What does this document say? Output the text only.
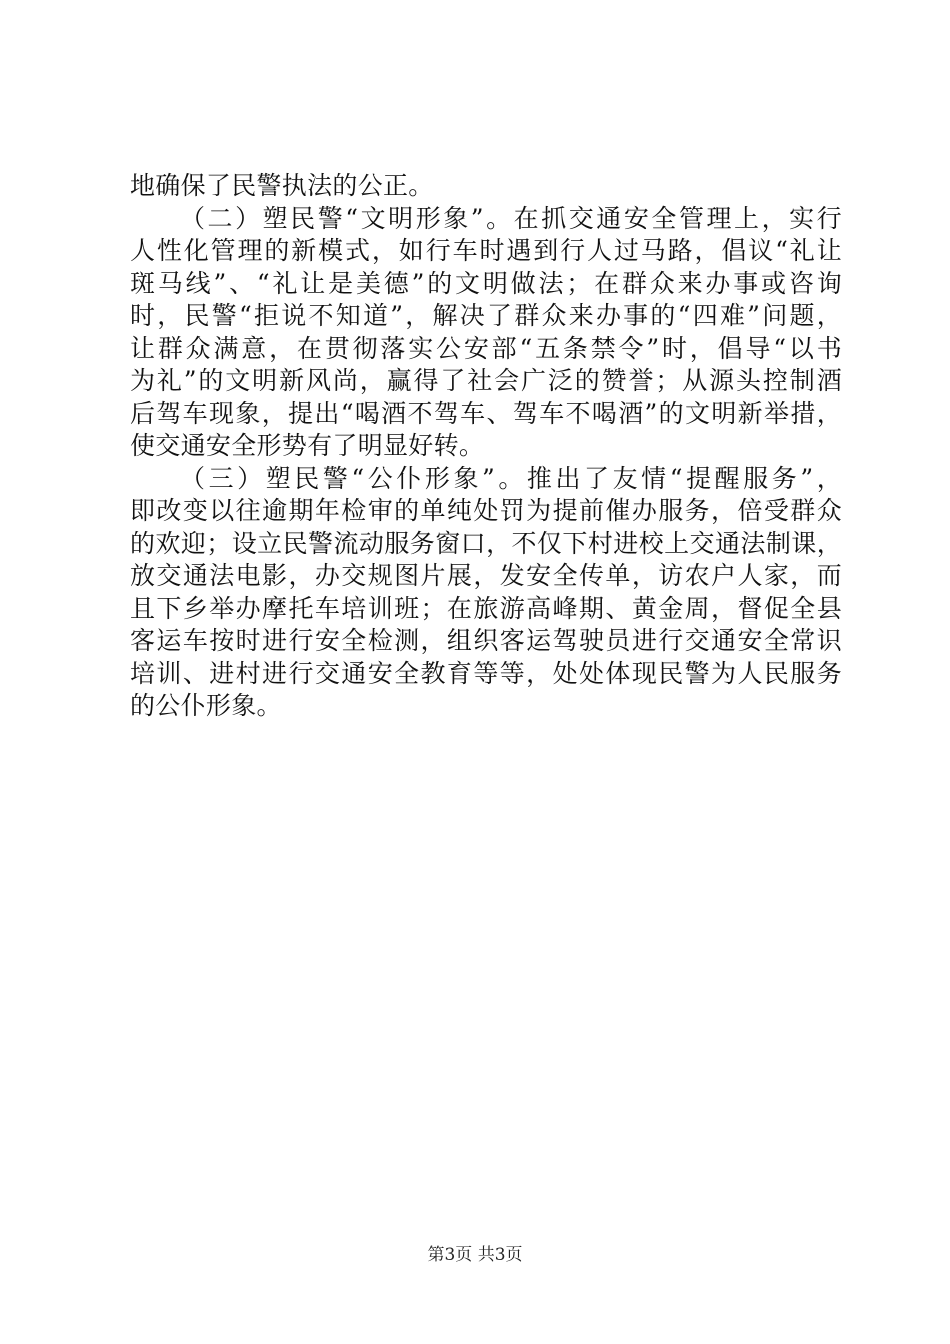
地确保了民警执法的公正。
（二）塑民警“文明形象”。在抓交通安全管理上，实行
人性化管理的新模式，如行车时遇到行人过马路，倡议“礼让
斑马线”、“礼让是美德”的文明做法；在群众来办事或咨询
时，民警“拒说不知道”，解决了群众来办事的“四难”问题，
让群众满意，在贯彻落实公安部“五条禁令”时，倡导“以书
为礼”的文明新风尚，赢得了社会广泛的赞誉；从源头控制酒
后驾车现象，提出“喝酒不驾车、驾车不喝酒”的文明新举措，
使交通安全形势有了明显好转。
（三）塑民警“公仆形象”。推出了友情“提醒服务”，
即改变以往逾期年检审的单纯处罚为提前催办服务，倍受群众
的欢迎；设立民警流动服务窗口，不仅下村进校上交通法制课，
放交通法电影，办交规图片展，发安全传单，访农户人家，而
且下乡举办摩托车培训班；在旅游高峰期、黄金周，督促全县
客运车按时进行安全检测，组织客运驾驶员进行交通安全常识
培训、进村进行交通安全教育等等，处处体现民警为人民服务
的公仆形象。
第3页 共3页
